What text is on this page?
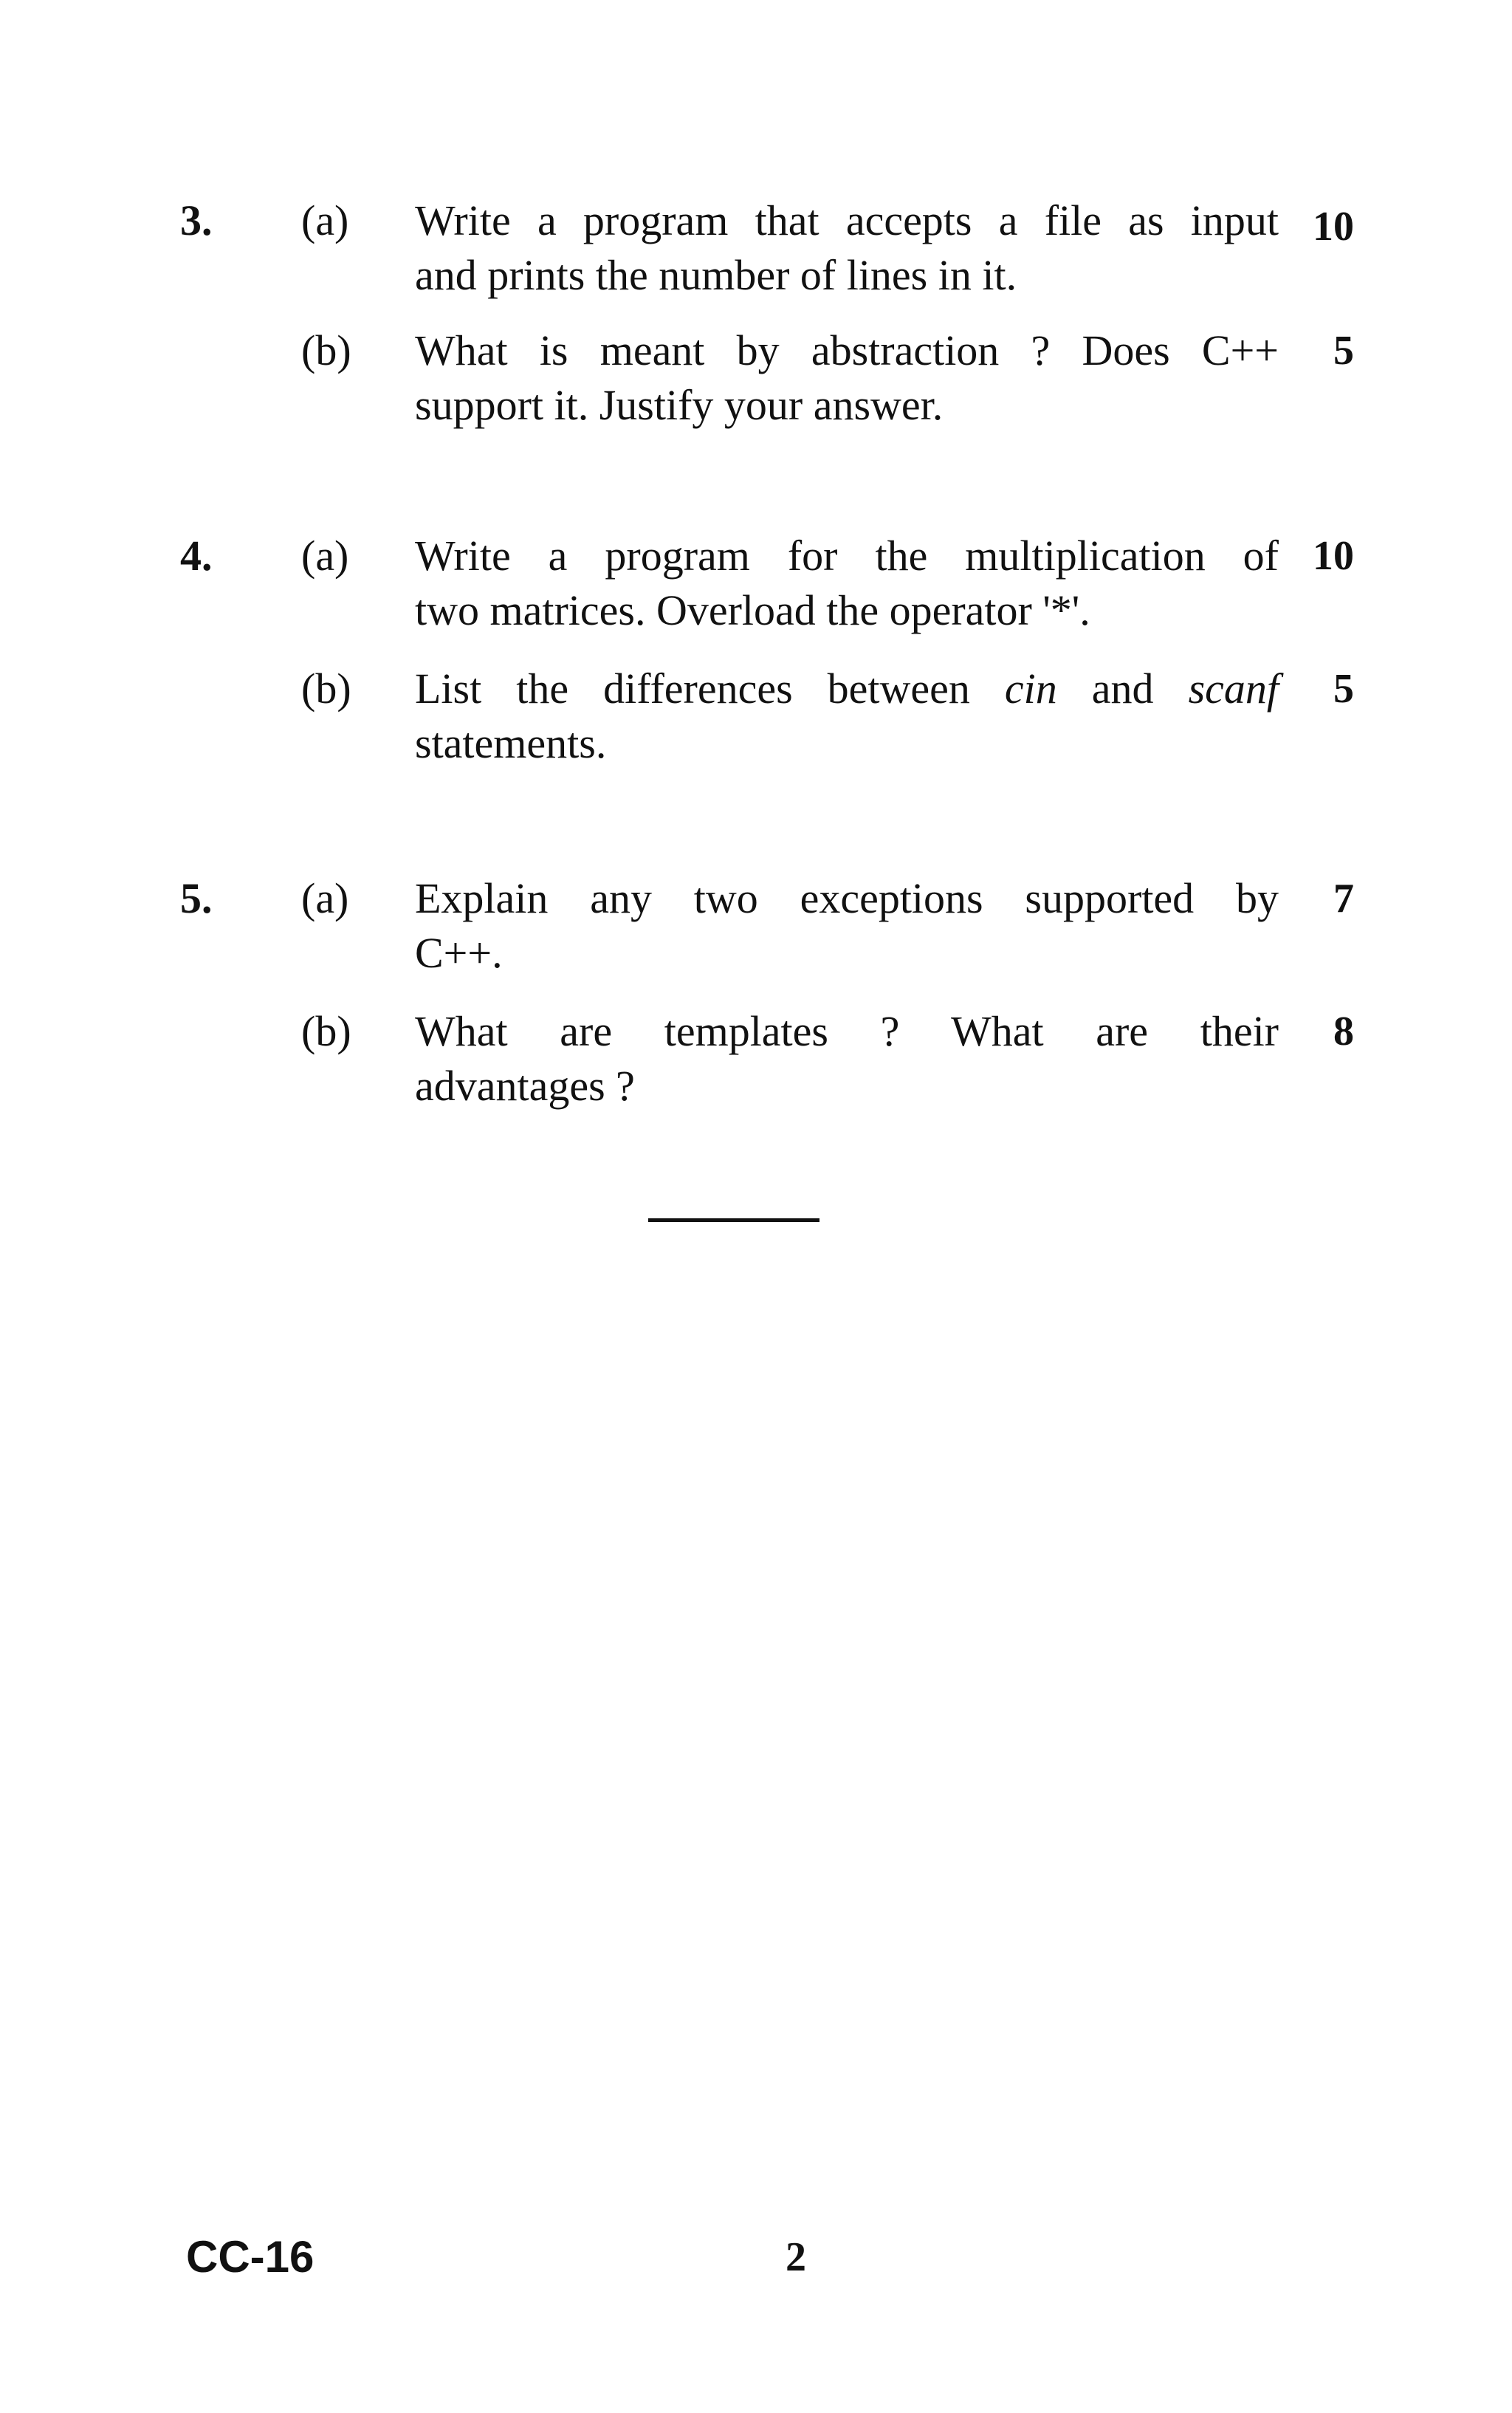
3. (a) Write a program that accepts a file as input
and prints the number of lines in it.
10
(b) What is meant by abstraction ? Does C++
support it. Justify your answer.
5
4. (a) Write a program for the multiplication of
two matrices. Overload the operator '*'.
10
(b) List the differences between cin and scanf
statements.
5
5. (a) Explain any two exceptions supported by
C++.
7
(b) What are templates ? What are their
advantages ?
8
CC-16	2
